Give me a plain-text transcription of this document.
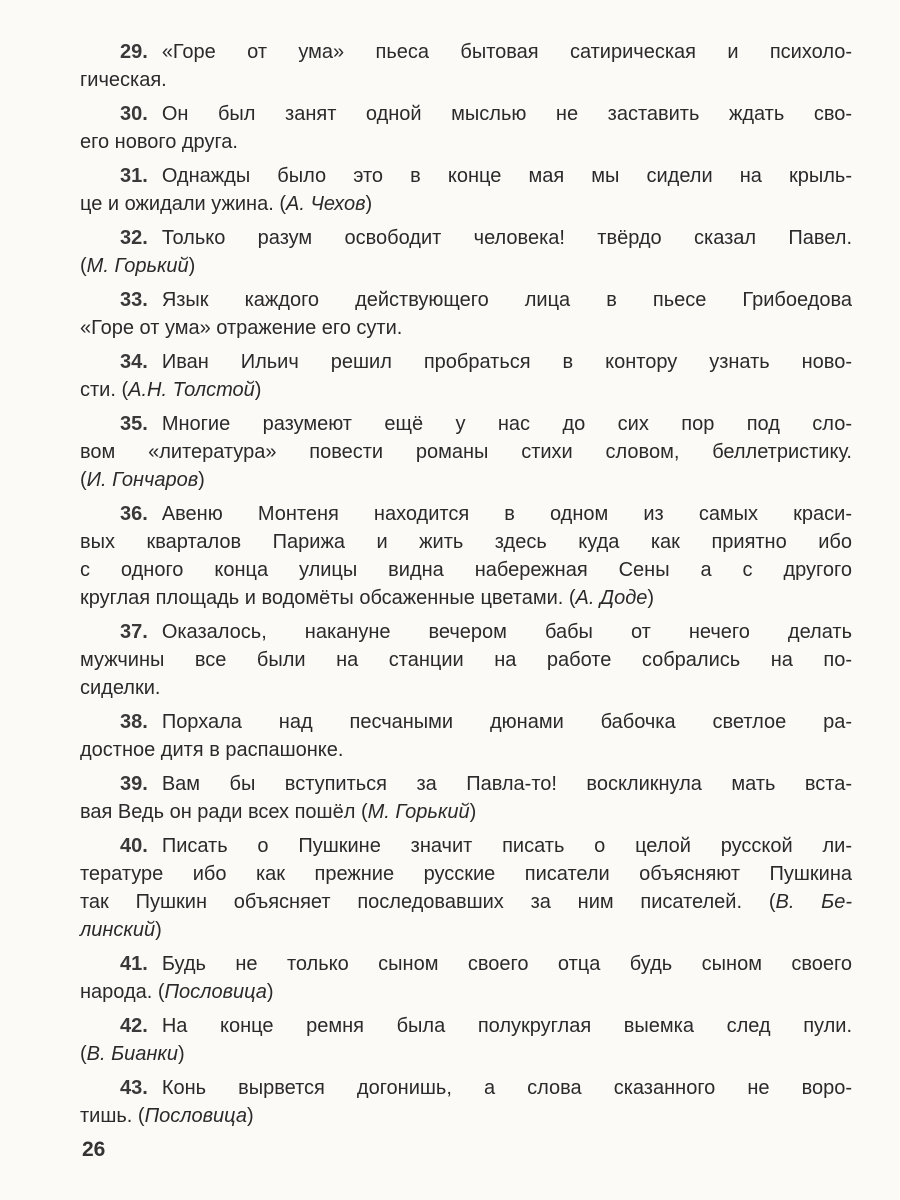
29. «Горе от ума» пьеса бытовая сатирическая и психоло-
гическая.
30. Он был занят одной мыслью не заставить ждать сво-
его нового друга.
31. Однажды было это в конце мая мы сидели на крыль-
це и ожидали ужина. (А. Чехов)
32. Только разум освободит человека! твёрдо сказал Павел.
(М. Горький)
33. Язык каждого действующего лица в пьесе Грибоедова
«Горе от ума» отражение его сути.
34. Иван Ильич решил пробраться в контору узнать ново-
сти. (А.Н. Толстой)
35. Многие разумеют ещё у нас до сих пор под сло-
вом «литература» повести романы стихи словом, беллетристику.
(И. Гончаров)
36. Авеню Монтеня находится в одном из самых краси-
вых кварталов Парижа и жить здесь куда как приятно ибо
с одного конца улицы видна набережная Сены а с другого
круглая площадь и водомёты обсаженные цветами. (А. Доде)
37. Оказалось, накануне вечером бабы от нечего делать
мужчины все были на станции на работе собрались на по-
сиделки.
38. Порхала над песчаными дюнами бабочка светлое ра-
достное дитя в распашонке.
39. Вам бы вступиться за Павла-то! воскликнула мать вста-
вая Ведь он ради всех пошёл (М. Горький)
40. Писать о Пушкине значит писать о целой русской ли-
тературе ибо как прежние русские писатели объясняют Пушкина
так Пушкин объясняет последовавших за ним писателей. (В. Бе-
линский)
41. Будь не только сыном своего отца будь сыном своего
народа. (Пословица)
42. На конце ремня была полукруглая выемка след пули.
(В. Бианки)
43. Конь вырвется догонишь, а слова сказанного не воро-
тишь. (Пословица)
26
